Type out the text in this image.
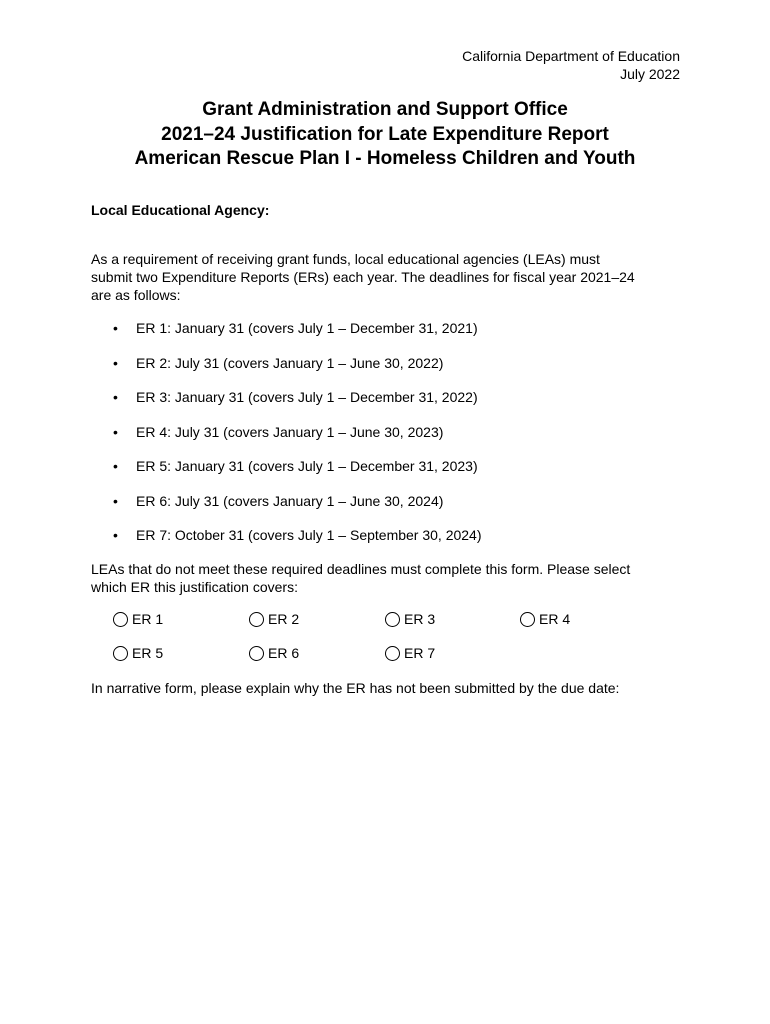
California Department of Education
July 2022
Grant Administration and Support Office
2021–24 Justification for Late Expenditure Report
American Rescue Plan I - Homeless Children and Youth
Local Educational Agency:
As a requirement of receiving grant funds, local educational agencies (LEAs) must
submit two Expenditure Reports (ERs) each year. The deadlines for fiscal year 2021–24
are as follows:
• ER 1: January 31 (covers July 1 – December 31, 2021)
• ER 2: July 31 (covers January 1 – June 30, 2022)
• ER 3: January 31 (covers July 1 – December 31, 2022)
• ER 4: July 31 (covers January 1 – June 30, 2023)
• ER 5: January 31 (covers July 1 – December 31, 2023)
• ER 6: July 31 (covers January 1 – June 30, 2024)
• ER 7: October 31 (covers July 1 – September 30, 2024)
LEAs that do not meet these required deadlines must complete this form. Please select
which ER this justification covers:
ER 1	ER 2	ER 3	ER 4
ER 5	ER 6	ER 7
In narrative form, please explain why the ER has not been submitted by the due date:
